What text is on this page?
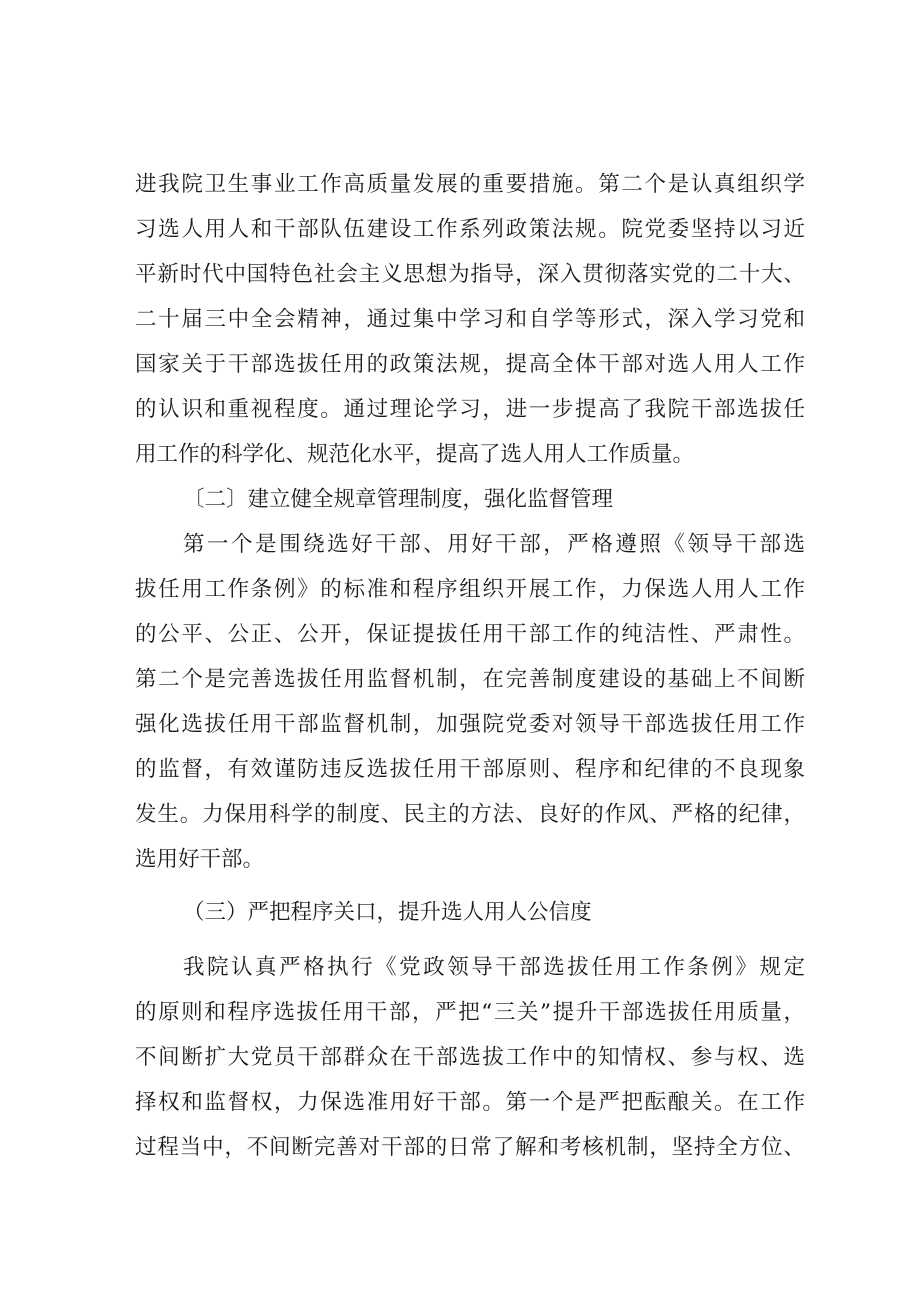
进我院卫生事业工作高质量发展的重要措施。第二个是认真组织学
习选人用人和干部队伍建设工作系列政策法规。院党委坚持以习近
平新时代中国特色社会主义思想为指导，深入贯彻落实党的二十大、
二十届三中全会精神，通过集中学习和自学等形式，深入学习党和
国家关于干部选拔任用的政策法规，提高全体干部对选人用人工作
的认识和重视程度。通过理论学习，进一步提高了我院干部选拔任
用工作的科学化、规范化水平，提高了选人用人工作质量。
〔二〕建立健全规章管理制度，强化监督管理
第一个是围绕选好干部、用好干部，严格遵照《领导干部选
拔任用工作条例》的标准和程序组织开展工作，力保选人用人工作
的公平、公正、公开，保证提拔任用干部工作的纯洁性、严肃性。
第二个是完善选拔任用监督机制，在完善制度建设的基础上不间断
强化选拔任用干部监督机制，加强院党委对领导干部选拔任用工作
的监督，有效谨防违反选拔任用干部原则、程序和纪律的不良现象
发生。力保用科学的制度、民主的方法、良好的作风、严格的纪律，
选用好干部。
（三）严把程序关口，提升选人用人公信度
我院认真严格执行《党政领导干部选拔任用工作条例》规定
的原则和程序选拔任用干部，严把“三关”提升干部选拔任用质量，
不间断扩大党员干部群众在干部选拔工作中的知情权、参与权、选
择权和监督权，力保选准用好干部。第一个是严把酝酿关。在工作
过程当中，不间断完善对干部的日常了解和考核机制，坚持全方位、
